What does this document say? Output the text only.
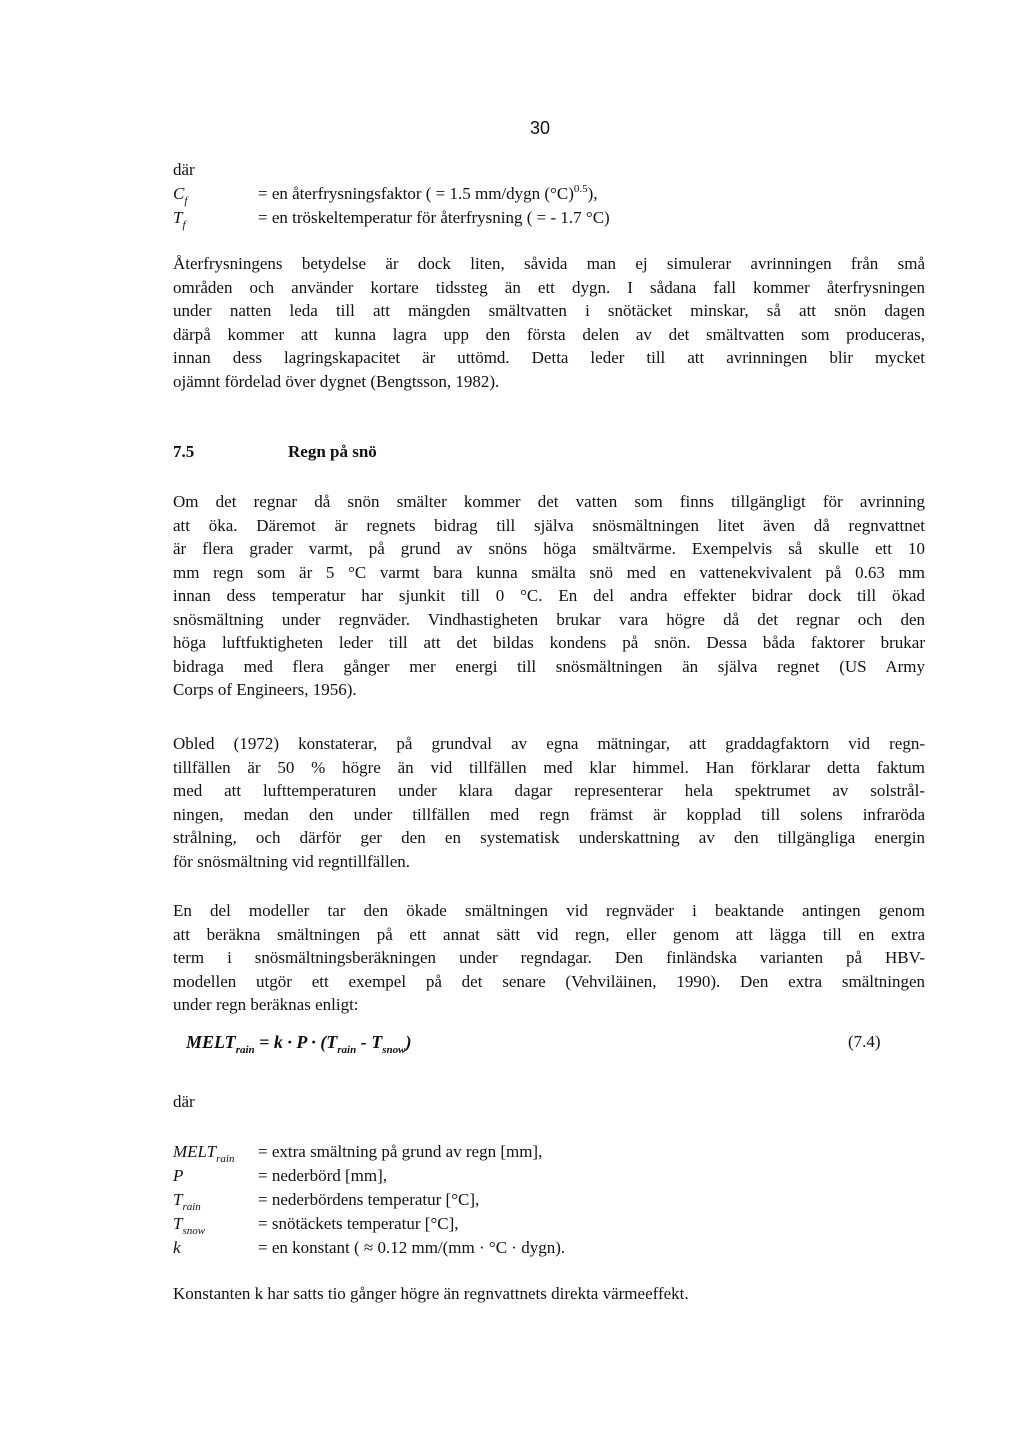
30
där
$C_f$	= en återfrysningsfaktor ( = 1.5 mm/dygn $(^\circ C)^{0.5}$),
$T_f$	= en tröskeltemperatur för återfrysning ( = - 1.7 °C)
Återfrysningens betydelse är dock liten, såvida man ej simulerar avrinningen från små
områden och använder kortare tidssteg än ett dygn. I sådana fall kommer återfrysningen
under natten leda till att mängden smältvatten i snötäcket minskar, så att snön dagen
därpå kommer att kunna lagra upp den första delen av det smältvatten som produceras,
innan dess lagringskapacitet är uttömd. Detta leder till att avrinningen blir mycket
ojämnt fördelad över dygnet (Bengtsson, 1982).
7.5	Regn på snö
Om det regnar då snön smälter kommer det vatten som finns tillgängligt för avrinning
att öka. Däremot är regnets bidrag till själva snösmältningen litet även då regnvattnet
är flera grader varmt, på grund av snöns höga smältvärme. Exempelvis så skulle ett 10
mm regn som är 5 °C varmt bara kunna smälta snö med en vattenekvivalent på 0.63 mm
innan dess temperatur har sjunkit till 0 °C. En del andra effekter bidrar dock till ökad
snösmältning under regnväder. Vindhastigheten brukar vara högre då det regnar och den
höga luftfuktigheten leder till att det bildas kondens på snön. Dessa båda faktorer brukar
bidraga med flera gånger mer energi till snösmältningen än själva regnet (US Army
Corps of Engineers, 1956).
Obled (1972) konstaterar, på grundval av egna mätningar, att graddagfaktorn vid regn-
tillfällen är 50 % högre än vid tillfällen med klar himmel. Han förklarar detta faktum
med att lufttemperaturen under klara dagar representerar hela spektrumet av solstrål-
ningen, medan den under tillfällen med regn främst är kopplad till solens infraröda
strålning, och därför ger den en systematisk underskattning av den tillgängliga energin
för snösmältning vid regntillfällen.
En del modeller tar den ökade smältningen vid regnväder i beaktande antingen genom
att beräkna smältningen på ett annat sätt vid regn, eller genom att lägga till en extra
term i snösmältningsberäkningen under regndagar. Den finländska varianten på HBV-
modellen utgör ett exempel på det senare (Vehviläinen, 1990). Den extra smältningen
under regn beräknas enligt:
$MELT_{rain} = k \cdot P \cdot (T_{rain} - T_{snow})$	(7.4)
där
$MELT_{rain}$ = extra smältning på grund av regn [mm],
P	= nederbörd [mm],
$T_{rain}$	= nederbördens temperatur [°C],
$T_{snow}$	= snötäckets temperatur [°C],
k	= en konstant ( ≈ 0.12 mm/(mm · °C · dygn).
Konstanten k har satts tio gånger högre än regnvattnets direkta värmeeffekt.
